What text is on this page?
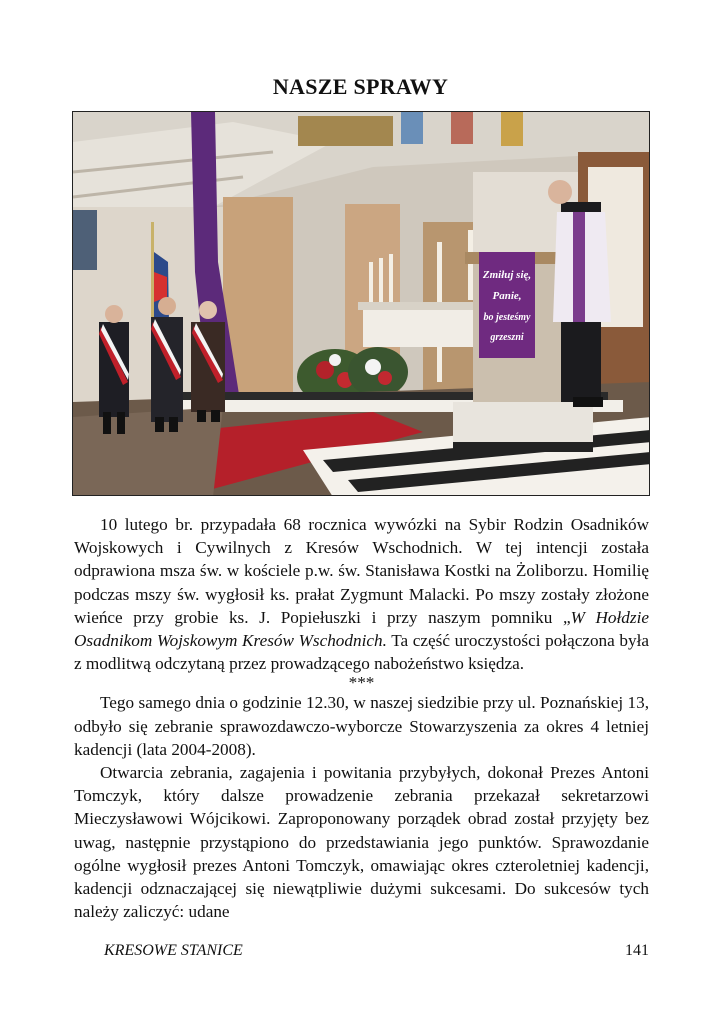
NASZE SPRAWY
Zmiłuj się,
Panie,
bo jesteśmy
grzeszni

10 lutego br. przypadała 68 rocznica wywózki na Sybir Rodzin Osadników Wojskowych i Cywilnych z Kresów Wschodnich. W tej intencji została odprawiona msza św. w kościele p.w. św. Stanisława Kostki na Żoliborzu. Homilię podczas mszy św. wygłosił ks. prałat Zygmunt Malacki. Po mszy zostały złożone wieńce przy grobie ks. J. Popiełuszki i przy naszym pomniku „W Hołdzie Osadnikom Wojskowym Kresów Wschodnich. Ta część uroczystości połączona była z modlitwą odczytaną przez prowadzącego nabożeństwo księdza.

***

Tego samego dnia o godzinie 12.30, w naszej siedzibie przy ul. Poznańskiej 13, odbyło się zebranie sprawozdawczo-wyborcze Stowarzyszenia za okres 4 letniej kadencji (lata 2004-2008).

Otwarcia zebrania, zagajenia i powitania przybyłych, dokonał Prezes Antoni Tomczyk, który dalsze prowadzenie zebrania przekazał sekretarzowi Mieczysławowi Wójcikowi. Zaproponowany porządek obrad został przyjęty bez uwag, następnie przystąpiono do przedstawiania jego punktów. Sprawozdanie ogólne wygłosił prezes Antoni Tomczyk, omawiając okres czteroletniej kadencji, kadencji odznaczającej się niewątpliwie dużymi sukcesami. Do sukcesów tych należy zaliczyć: udane

KRESOWE STANICE	141
